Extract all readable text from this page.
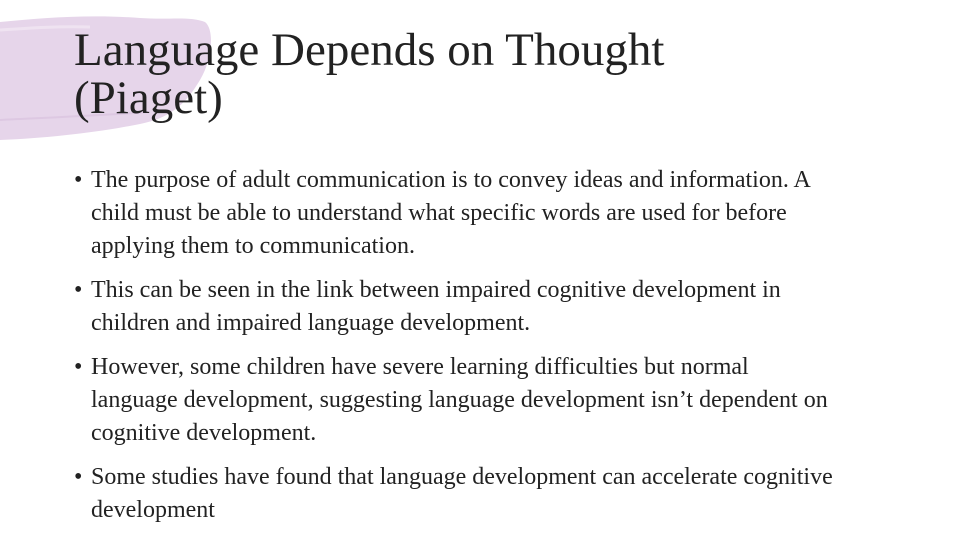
Language Depends on Thought
(Piaget)
• The purpose of adult communication is to convey ideas and information. A child must be able to understand what specific words are used for before applying them to communication.
• This can be seen in the link between impaired cognitive development in children and impaired language development.
• However, some children have severe learning difficulties but normal language development, suggesting language development isn’t dependent on cognitive development.
• Some studies have found that language development can accelerate cognitive development
